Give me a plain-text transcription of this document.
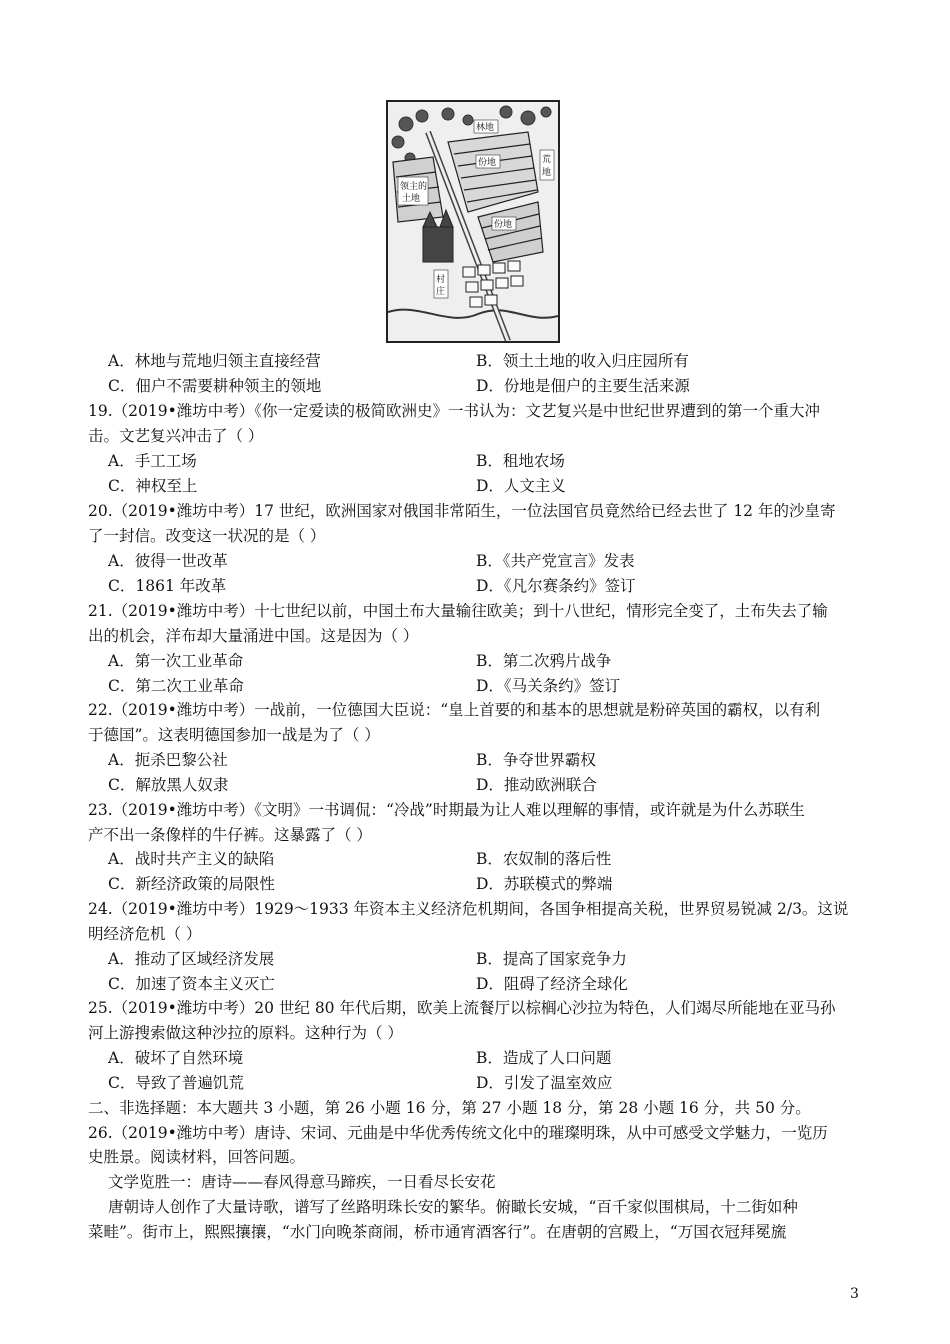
林地
份地
份地
荒
地
领主的
土地
村
庄
A．林地与荒地归领主直接经营	B．领土土地的收入归庄园所有
C．佃户不需要耕种领主的领地	D．份地是佃户的主要生活来源
19.（2019•潍坊中考）《你一定爱读的极简欧洲史》一书认为：文艺复兴是中世纪世界遭到的第一个重大冲
击。文艺复兴冲击了（ ）
A．手工工场	B．租地农场
C．神权至上	D．人文主义
20.（2019•潍坊中考）17 世纪，欧洲国家对俄国非常陌生，一位法国官员竟然给已经去世了 12 年的沙皇寄
了一封信。改变这一状况的是（ ）
A．彼得一世改革	B．《共产党宣言》发表
C．1861 年改革	D．《凡尔赛条约》签订
21.（2019•潍坊中考）十七世纪以前，中国土布大量输往欧美；到十八世纪，情形完全变了，土布失去了输
出的机会，洋布却大量涌进中国。这是因为（ ）
A．第一次工业革命	B．第二次鸦片战争
C．第二次工业革命	D．《马关条约》签订
22.（2019•潍坊中考）一战前，一位德国大臣说：“皇上首要的和基本的思想就是粉碎英国的霸权，以有利
于德国”。这表明德国参加一战是为了（ ）
A．扼杀巴黎公社	B．争夺世界霸权
C．解放黑人奴隶	D．推动欧洲联合
23.（2019•潍坊中考）《文明》一书调侃：“冷战”时期最为让人难以理解的事情，或许就是为什么苏联生
产不出一条像样的牛仔裤。这暴露了（ ）
A．战时共产主义的缺陷	B．农奴制的落后性
C．新经济政策的局限性	D．苏联模式的弊端
24.（2019•潍坊中考）1929～1933 年资本主义经济危机期间，各国争相提高关税，世界贸易锐减 2/3。这说
明经济危机（ ）
A．推动了区域经济发展	B．提高了国家竞争力
C．加速了资本主义灭亡	D．阻碍了经济全球化
25.（2019•潍坊中考）20 世纪 80 年代后期，欧美上流餐厅以棕榈心沙拉为特色，人们竭尽所能地在亚马孙
河上游搜索做这种沙拉的原料。这种行为（ ）
A．破坏了自然环境	B．造成了人口问题
C．导致了普遍饥荒	D．引发了温室效应
二、非选择题：本大题共 3 小题，第 26 小题 16 分，第 27 小题 18 分，第 28 小题 16 分，共 50 分。
26.（2019•潍坊中考）唐诗、宋词、元曲是中华优秀传统文化中的璀璨明珠，从中可感受文学魅力，一览历
史胜景。阅读材料，回答问题。
文学览胜一：唐诗——春风得意马蹄疾，一日看尽长安花
唐朝诗人创作了大量诗歌，谱写了丝路明珠长安的繁华。俯瞰长安城，“百千家似围棋局，十二街如种
菜畦”。街市上，熙熙攘攘，“水门向晚茶商闹，桥市通宵酒客行”。在唐朝的宫殿上，“万国衣冠拜冕旒
3
